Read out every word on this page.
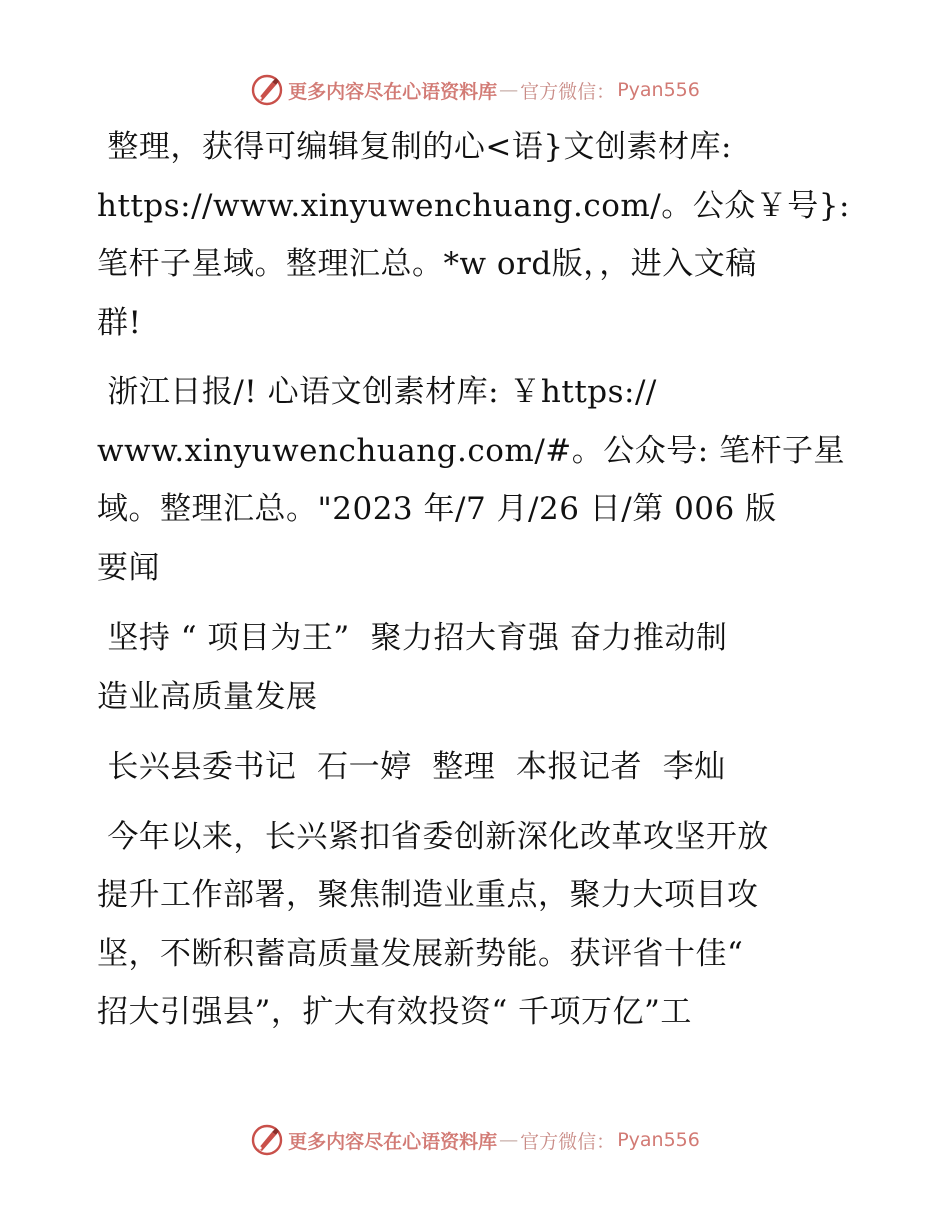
更多内容尽在心语资料库 — 官方微信： Pyan556

整理，获得可编辑复制的心<语}文创素材库:

https://www.xinyuwenchuang.com/。公众￥号}:

笔杆子星域。整理汇总。*w ord版，，进入文稿

群!

浙江日报/! 心语文创素材库: ￥https://

www.xinyuwenchuang.com/#。公众号: 笔杆子星

域。整理汇总。"2023 年/7 月/26 日/第 006 版

要闻

坚持 “ 项目为王”  聚力招大育强 奋力推动制

造业高质量发展

长兴县委书记  石一婷  整理  本报记者  李灿

今年以来，长兴紧扣省委创新深化改革攻坚开放

提升工作部署，聚焦制造业重点，聚力大项目攻

坚，不断积蓄高质量发展新势能。获评省十佳“

招大引强县”，扩大有效投资“ 千项万亿”工

更多内容尽在心语资料库 — 官方微信： Pyan556
